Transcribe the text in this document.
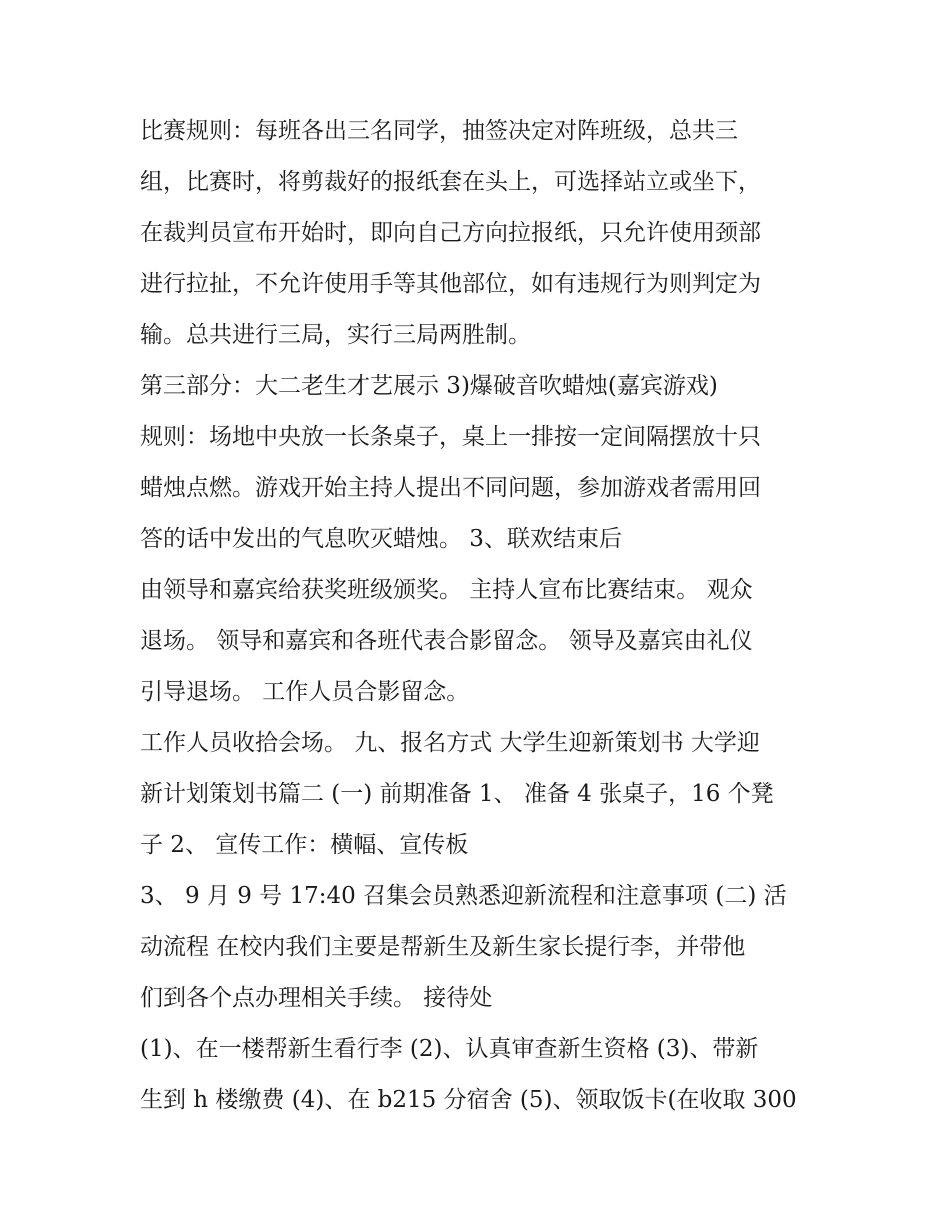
比赛规则：每班各出三名同学，抽签决定对阵班级，总共三
组，比赛时，将剪裁好的报纸套在头上，可选择站立或坐下，
在裁判员宣布开始时，即向自己方向拉报纸，只允许使用颈部
进行拉扯，不允许使用手等其他部位，如有违规行为则判定为
输。总共进行三局，实行三局两胜制。
第三部分：大二老生才艺展示 3)爆破音吹蜡烛(嘉宾游戏)
规则：场地中央放一长条桌子，桌上一排按一定间隔摆放十只
蜡烛点燃。游戏开始主持人提出不同问题，参加游戏者需用回
答的话中发出的气息吹灭蜡烛。 3、联欢结束后
由领导和嘉宾给获奖班级颁奖。 主持人宣布比赛结束。 观众
退场。 领导和嘉宾和各班代表合影留念。 领导及嘉宾由礼仪
引导退场。 工作人员合影留念。
工作人员收拾会场。 九、报名方式 大学生迎新策划书 大学迎
新计划策划书篇二 (一) 前期准备 1、 准备 4 张桌子，16 个凳
子 2、 宣传工作：横幅、宣传板
3、 9 月 9 号 17:40 召集会员熟悉迎新流程和注意事项 (二) 活
动流程 在校内我们主要是帮新生及新生家长提行李，并带他
们到各个点办理相关手续。 接待处
(1)、在一楼帮新生看行李 (2)、认真审查新生资格 (3)、带新
生到 h 楼缴费 (4)、在 b215 分宿舍 (5)、领取饭卡(在收取 300
